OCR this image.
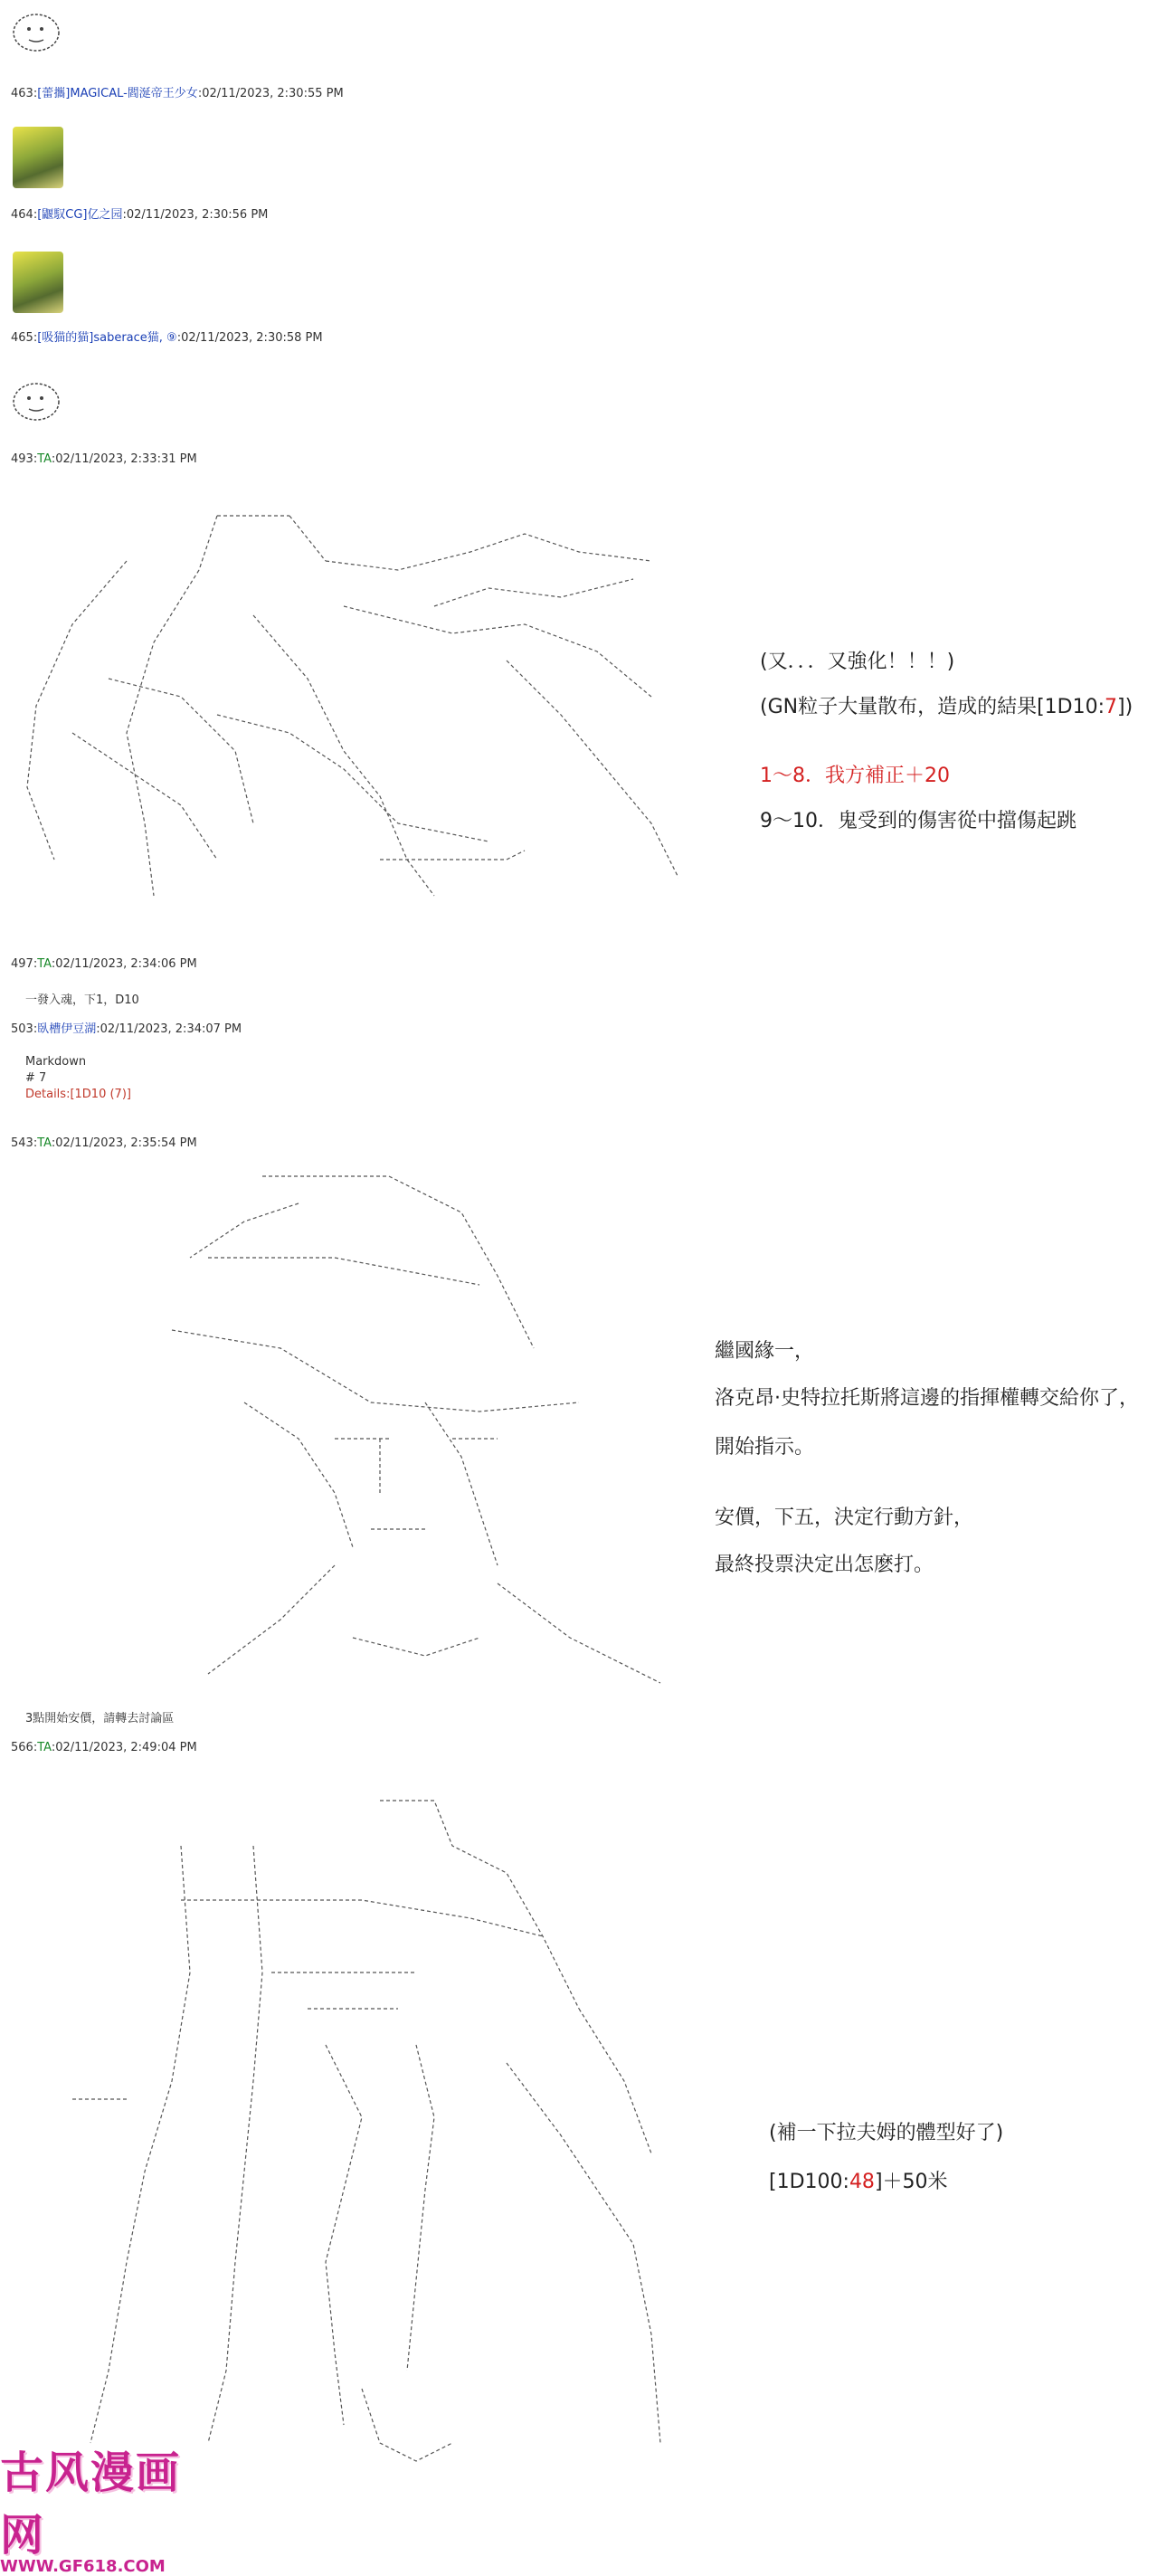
463:[蕾攜]MAGICAL-閻涎帝王少女:02/11/2023, 2:30:55 PM
464:[鼴馭CG]亿之园:02/11/2023, 2:30:56 PM
465:[吸猫的猫]saberace猫, ⑨:02/11/2023, 2:30:58 PM
493:TA:02/11/2023, 2:33:31 PM
(又．．．又強化！！！)
(GN粒子大量散布，造成的結果[1D10:7])
1～8．我方補正＋20
9～10．鬼受到的傷害從中擋傷起跳
497:TA:02/11/2023, 2:34:06 PM
一發入魂，下1，D10
503:臥槽伊豆湖:02/11/2023, 2:34:07 PM
Markdown
# 7
Details:[1D10 (7)]
543:TA:02/11/2023, 2:35:54 PM
繼國緣一，
洛克昂·史特拉托斯將這邊的指揮權轉交給你了，
開始指示。
安價，下五，決定行動方針，
最終投票決定出怎麽打。
3點開始安價，請轉去討論區
566:TA:02/11/2023, 2:49:04 PM
(補一下拉夫姆的體型好了)
[1D100:48]＋50米
古风漫画网
WWW.GF618.COM
